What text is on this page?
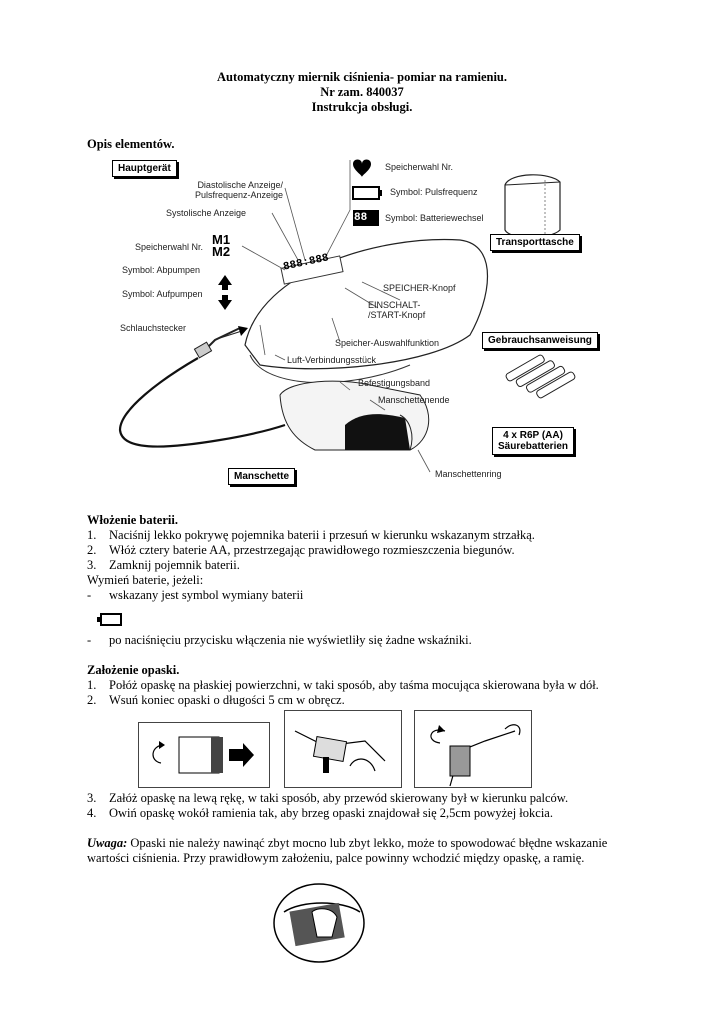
Automatyczny miernik ciśnienia- pomiar na ramieniu.
Nr zam. 840037
Instrukcja obsługi.
Opis elementów.
Diastolische Anzeige/
Pulsfrequenz-Anzeige
Systolische Anzeige
Speicherwahl Nr. M1
M2
Symbol: Abpumpen
Symbol: Aufpumpen
Schlauchstecker
888:888
88
Speicherwahl Nr.
Symbol: Pulsfrequenz
Symbol: Batteriewechsel
SPEICHER-Knopf
EINSCHALT-
/START-Knopf
Speicher-Auswahlfunktion
Luft-Verbindungsstück
Befestigungsband
Manschettenende
Manschettenring
Hauptgerät
Transporttasche
Gebrauchsanweisung
4 x R6P (AA)
Säurebatterien
Manschette
Włożenie baterii.
1. Naciśnij lekko pokrywę pojemnika baterii i przesuń w kierunku wskazanym strzałką.
2. Włóż cztery baterie AA, przestrzegając prawidłowego rozmieszczenia biegunów.
3. Zamknij pojemnik baterii.
Wymień baterie, jeżeli:
- wskazany jest symbol wymiany baterii
- po naciśnięciu przycisku włączenia nie wyświetliły się żadne wskaźniki.
Założenie opaski.
1. Połóż opaskę na płaskiej powierzchni, w taki sposób, aby taśma mocująca skierowana była w dół.
2. Wsuń koniec opaski o długości 5 cm w obręcz.
3. Załóż opaskę na lewą rękę, w taki sposób, aby przewód skierowany był w kierunku palców.
4. Owiń opaskę wokół ramienia tak, aby brzeg opaski znajdował się 2,5cm powyżej łokcia.
Uwaga: Opaski nie należy nawinąć zbyt mocno lub zbyt lekko, może to spowodować błędne wskazanie
wartości ciśnienia. Przy prawidłowym założeniu, palce powinny wchodzić między opaskę, a ramię.
